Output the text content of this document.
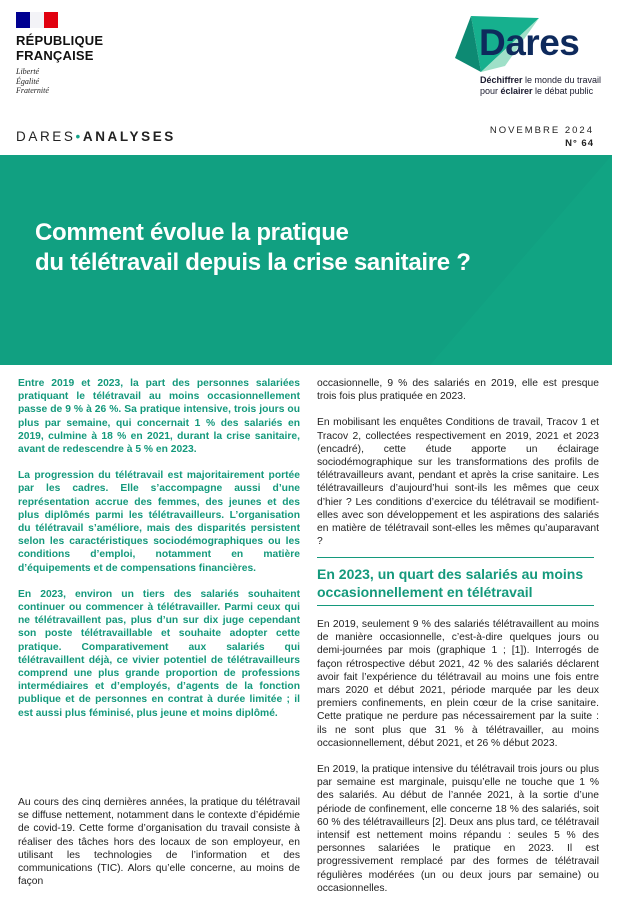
RÉPUBLIQUE
FRANÇAISE
Liberté
Égalité
Fraternité
Dares
Déchiffrer le monde du travail
pour éclairer le débat public
DARES•ANALYSES	NOVEMBRE 2024
N° 64
Comment évolue la pratique
du télétravail depuis la crise sanitaire ?

Entre 2019 et 2023, la part des personnes salariées pratiquant le télétravail au moins occasionnellement passe de 9 % à 26 %. Sa pratique intensive, trois jours ou plus par semaine, qui concernait 1 % des salariés en 2019, culmine à 18 % en 2021, durant la crise sanitaire, avant de redescendre à 5 % en 2023.

La progression du télétravail est majoritairement portée par les cadres. Elle s’accompagne aussi d’une représentation accrue des femmes, des jeunes et des plus diplômés parmi les télétravailleurs. L’organisation du télétravail s’améliore, mais des disparités persistent selon les caractéristiques sociodémographiques ou les conditions d’emploi, notamment en matière d’équipements et de compensations financières.

En 2023, environ un tiers des salariés souhaitent continuer ou commencer à télétravailler. Parmi ceux qui ne télétravaillent pas, plus d’un sur dix juge cependant son poste télétravaillable et souhaite adopter cette pratique. Comparativement aux salariés qui télétravaillent déjà, ce vivier potentiel de télétravailleurs comprend une plus grande proportion de professions intermédiaires et d’employés, d’agents de la fonction publique et de personnes en contrat à durée limitée ; il est aussi plus féminisé, plus jeune et moins diplômé.

Au cours des cinq dernières années, la pratique du télétravail se diffuse nettement, notamment dans le contexte d’épidémie de covid-19. Cette forme d’organisation du travail consiste à réaliser des tâches hors des locaux de son employeur, en utilisant les technologies de l’information et des communications (TIC). Alors qu’elle concerne, au moins de façon

occasionnelle, 9 % des salariés en 2019, elle est presque trois fois plus pratiquée en 2023.

En mobilisant les enquêtes Conditions de travail, Tracov 1 et Tracov 2, collectées respectivement en 2019, 2021 et 2023 (encadré), cette étude apporte un éclairage sociodémographique sur les transformations des profils de télétravailleurs avant, pendant et après la crise sanitaire. Les télétravailleurs d’aujourd’hui sont-ils les mêmes que ceux d’hier ? Les conditions d’exercice du télétravail se modifient-elles avec son développement et les aspirations des salariés en matière de télétravail sont-elles les mêmes qu’auparavant ?

En 2023, un quart des salariés au moins occasionnellement en télétravail

En 2019, seulement 9 % des salariés télétravaillent au moins de manière occasionnelle, c’est-à-dire quelques jours ou demi-journées par mois (graphique 1 ; [1]). Interrogés de façon rétrospective début 2021, 42 % des salariés déclarent avoir fait l’expérience du télétravail au moins une fois entre mars 2020 et début 2021, période marquée par les deux premiers confinements, en plein cœur de la crise sanitaire. Cette pratique ne perdure pas nécessairement par la suite : ils ne sont plus que 31 % à télétravailler, au moins occasionnellement, début 2021, et 26 % début 2023.

En 2019, la pratique intensive du télétravail trois jours ou plus par semaine est marginale, puisqu’elle ne touche que 1 % des salariés. Au début de l’année 2021, à la sortie d’une période de confinement, elle concerne 18 % des salariés, soit 60 % des télétravailleurs [2]. Deux ans plus tard, ce télétravail intensif est nettement moins répandu : seules 5 % des personnes salariées le pratique en 2023. Il est progressivement remplacé par des formes de télétravail régulières modérées (un ou deux jours par semaine) ou occasionnelles.
